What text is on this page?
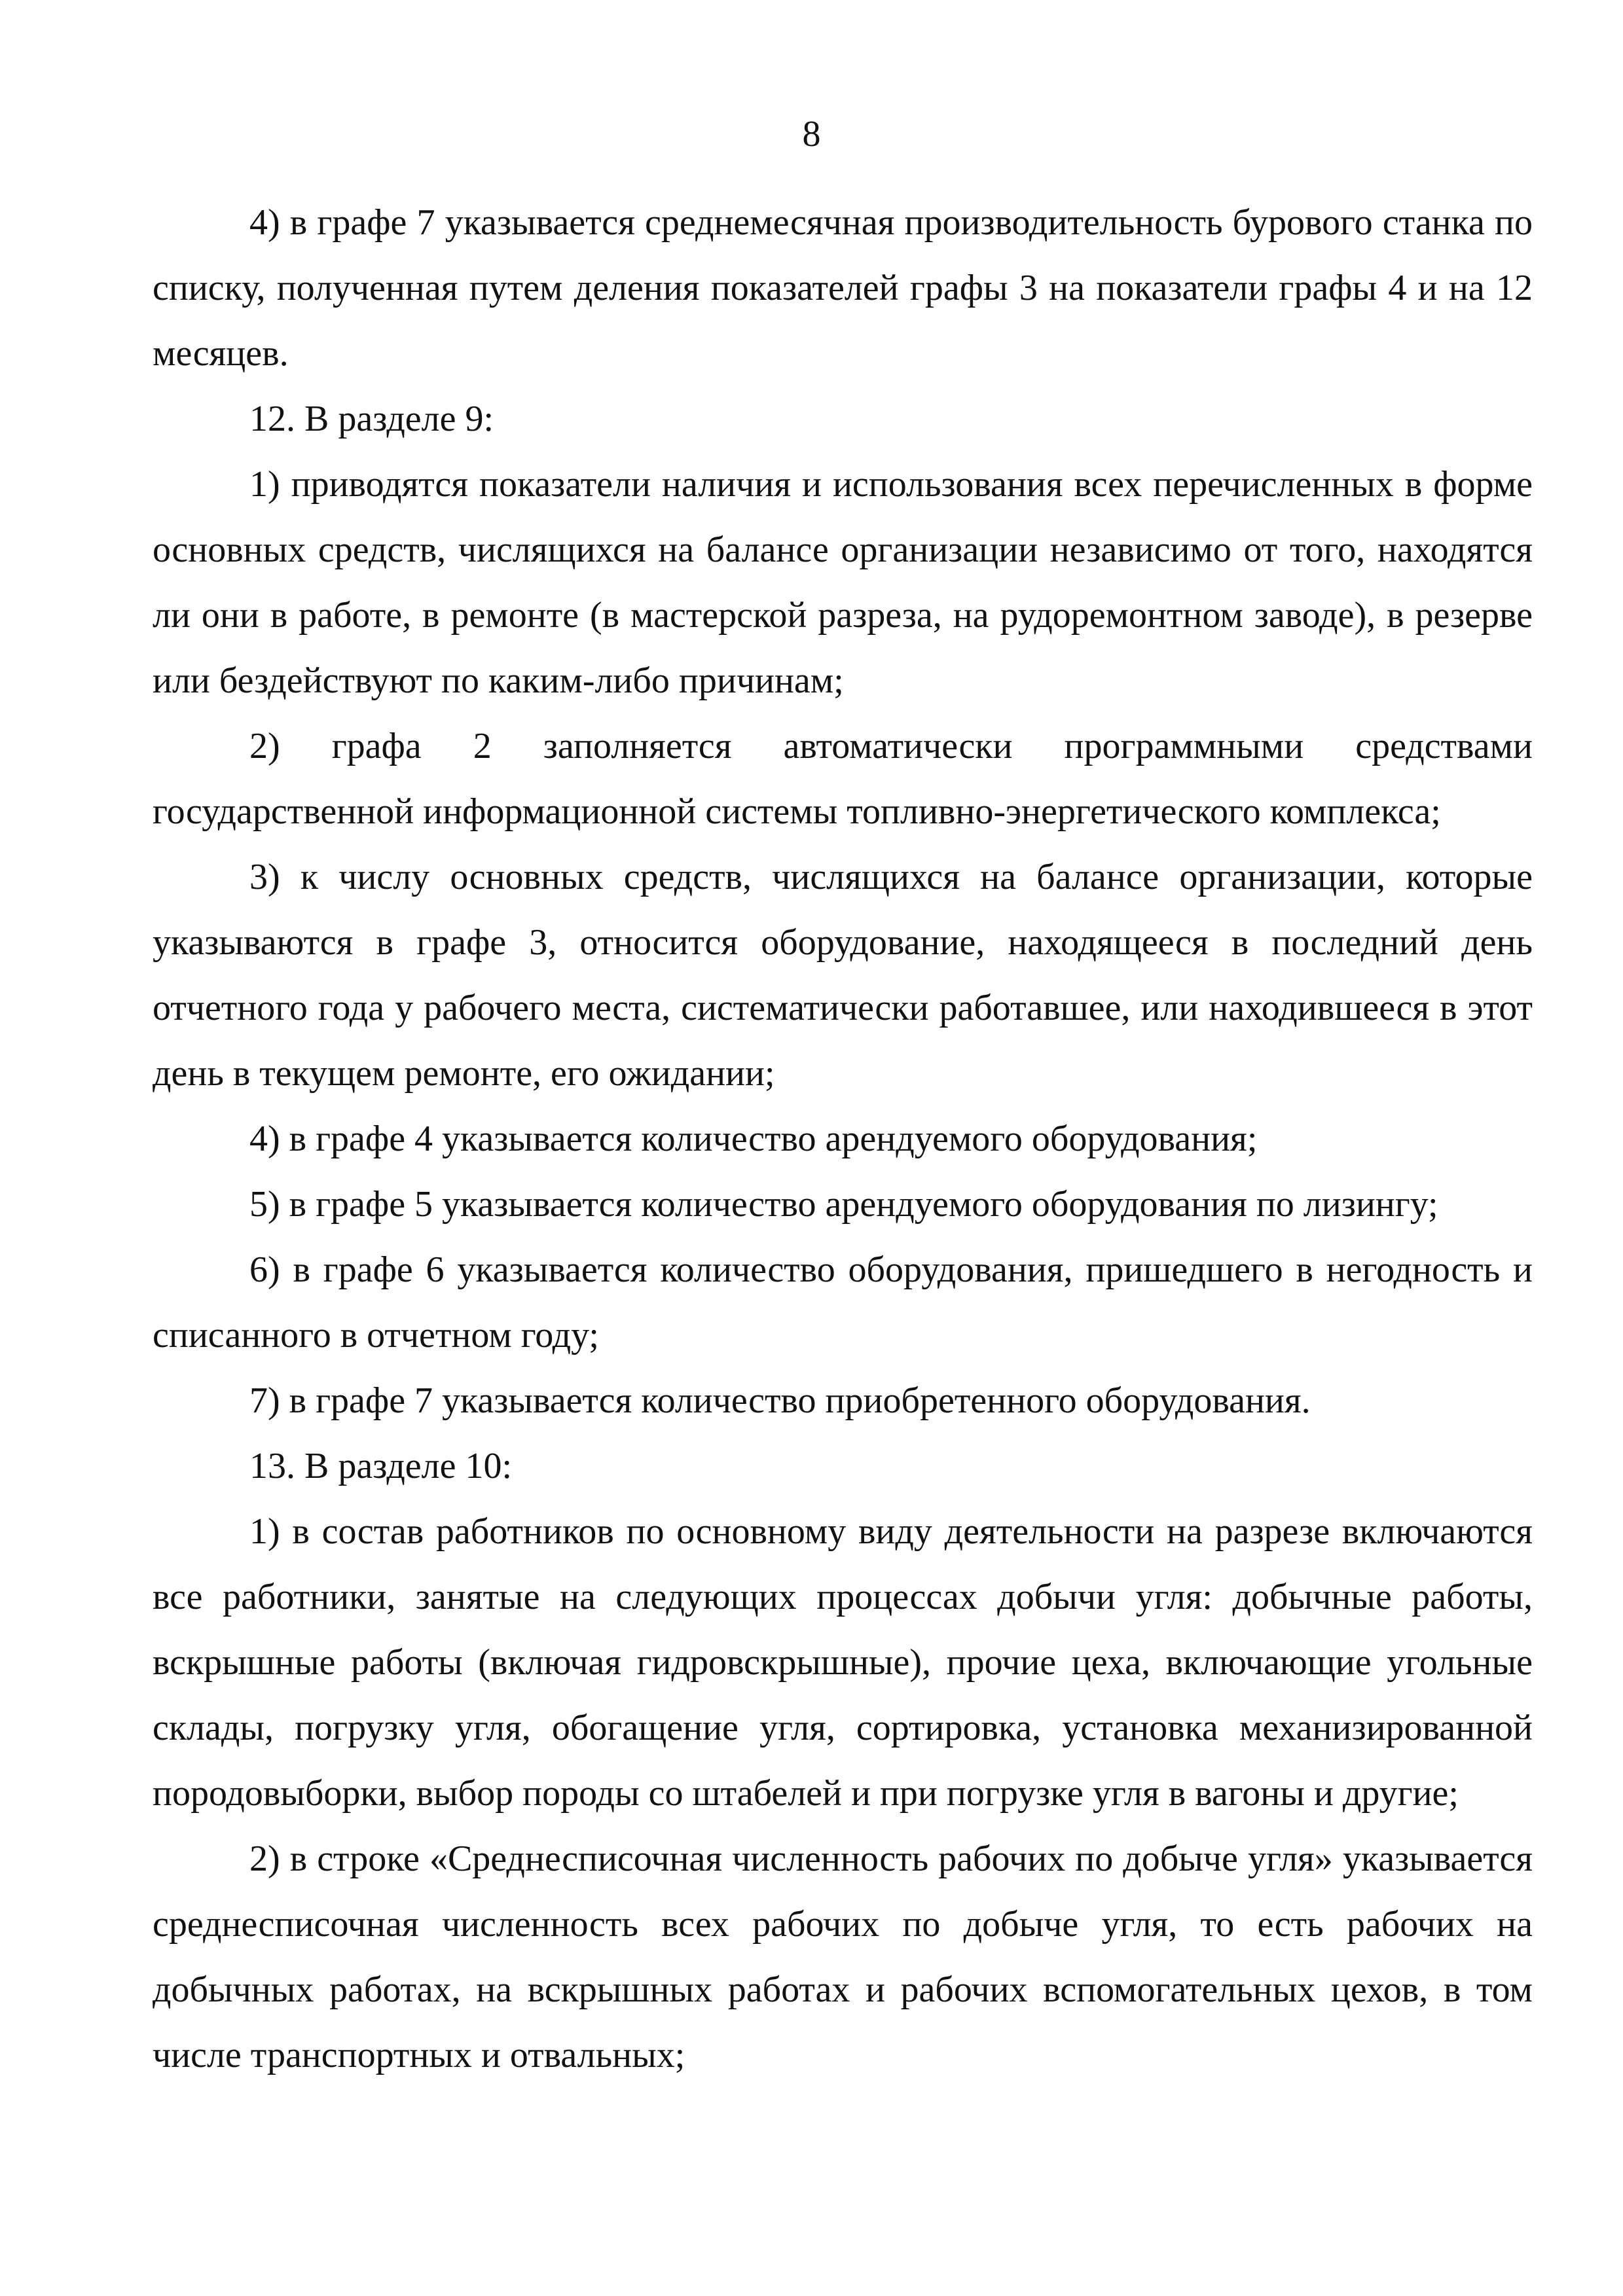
8

4) в графе 7 указывается среднемесячная производительность бурового станка по списку, полученная путем деления показателей графы 3 на показатели графы 4 и на 12 месяцев.

12. В разделе 9:

1) приводятся показатели наличия и использования всех перечисленных в форме основных средств, числящихся на балансе организации независимо от того, находятся ли они в работе, в ремонте (в мастерской разреза, на рудоремонтном заводе), в резерве или бездействуют по каким-либо причинам;

2) графа 2 заполняется автоматически программными средствами государственной информационной системы топливно-энергетического комплекса;

3) к числу основных средств, числящихся на балансе организации, которые указываются в графе 3, относится оборудование, находящееся в последний день отчетного года у рабочего места, систематически работавшее, или находившееся в этот день в текущем ремонте, его ожидании;

4) в графе 4 указывается количество арендуемого оборудования;

5) в графе 5 указывается количество арендуемого оборудования по лизингу;

6) в графе 6 указывается количество оборудования, пришедшего в негодность и списанного в отчетном году;

7) в графе 7 указывается количество приобретенного оборудования.

13. В разделе 10:

1) в состав работников по основному виду деятельности на разрезе включаются все работники, занятые на следующих процессах добычи угля: добычные работы, вскрышные работы (включая гидровскрышные), прочие цеха, включающие угольные склады, погрузку угля, обогащение угля, сортировка, установка механизированной породовыборки, выбор породы со штабелей и при погрузке угля в вагоны и другие;

2) в строке «Среднесписочная численность рабочих по добыче угля» указывается среднесписочная численность всех рабочих по добыче угля, то есть рабочих на добычных работах, на вскрышных работах и рабочих вспомогательных цехов, в том числе транспортных и отвальных;
